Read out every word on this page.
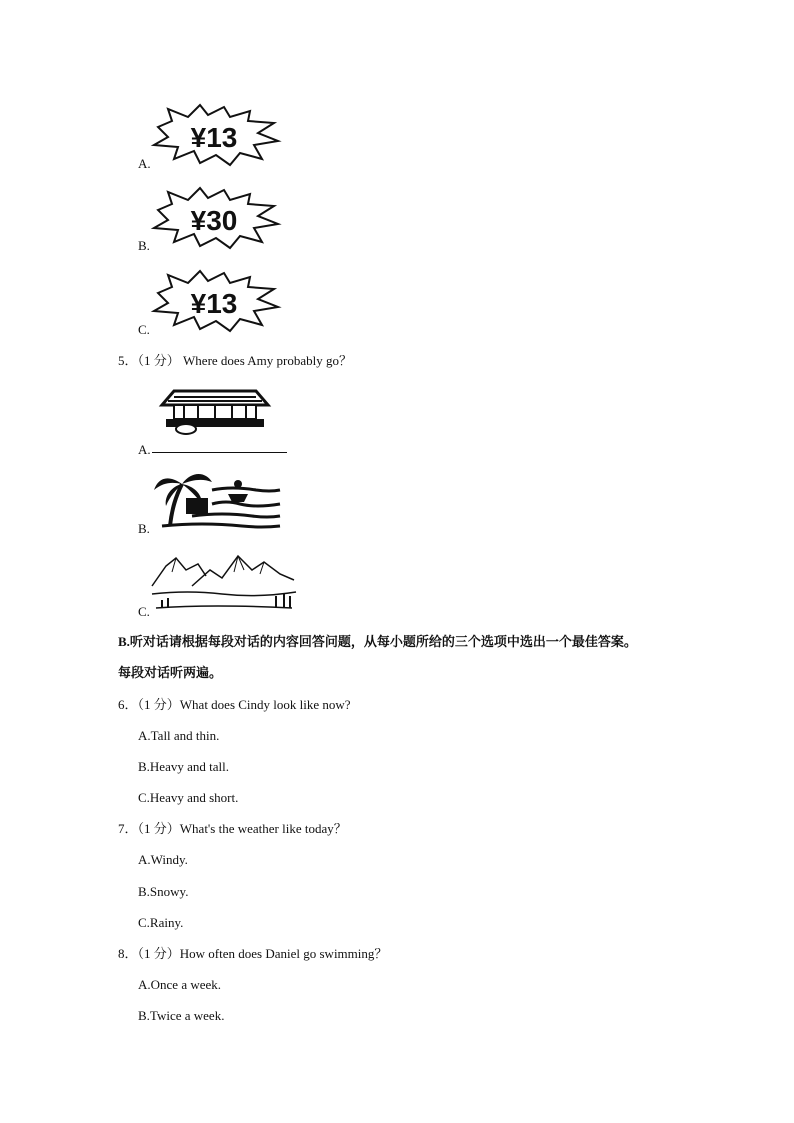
¥13
A.
¥30
B.
¥13
C.
5．（1 分） Where does Amy probably go？
A.
B.
C.
B.听对话请根据每段对话的内容回答问题，从每小题所给的三个选项中选出一个最佳答案。
每段对话听两遍。
6．（1 分）What does Cindy look like now?
A.Tall and thin.
B.Heavy and tall.
C.Heavy and short.
7．（1 分）What's the weather like today？
A.Windy.
B.Snowy.
C.Rainy.
8．（1 分）How often does Daniel go swimming？
A.Once a week.
B.Twice a week.
